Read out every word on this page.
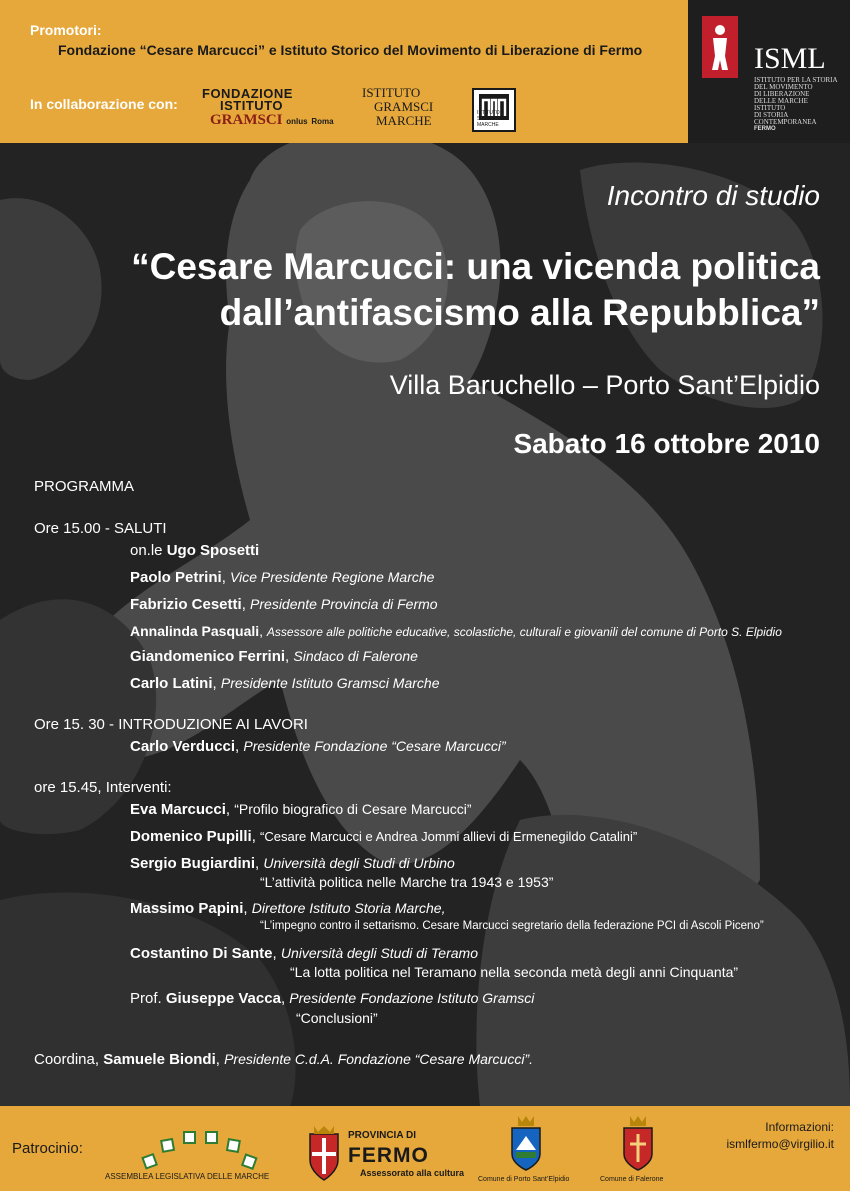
Promotori:
Fondazione “Cesare Marcucci” e Istituto Storico del Movimento di Liberazione di Fermo
In collaborazione con:
FONDAZIONE
ISTITUTO
GRAMSCI onlus Roma
ISTITUTO
GRAMSCI
MARCHE	ISTITUTO STORIA MARCHE
ISML
ISTITUTO PER LA STORIA
DEL MOVIMENTO
DI LIBERAZIONE
DELLE MARCHE
ISTITUTO
DI STORIA
CONTEMPORANEA
FERMO
Incontro di studio
“Cesare Marcucci: una vicenda politica
dall’antifascismo alla Repubblica”
Villa Baruchello – Porto Sant’Elpidio
Sabato 16 ottobre 2010
PROGRAMMA
Ore 15.00 - SALUTI
on.le Ugo Sposetti
Paolo Petrini, Vice Presidente Regione Marche
Fabrizio Cesetti, Presidente Provincia di Fermo
Annalinda Pasquali, Assessore alle politiche educative, scolastiche, culturali e giovanili del comune di Porto S. Elpidio
Giandomenico Ferrini, Sindaco di Falerone
Carlo Latini, Presidente Istituto Gramsci Marche
Ore 15. 30 - INTRODUZIONE AI LAVORI
Carlo Verducci, Presidente Fondazione “Cesare Marcucci”
ore 15.45, Interventi:
Eva Marcucci, “Profilo biografico di Cesare Marcucci”
Domenico Pupilli, “Cesare Marcucci e Andrea Jommi allievi di Ermenegildo Catalini”
Sergio Bugiardini, Università degli Studi di Urbino
“L’attività politica nelle Marche tra 1943 e 1953”
Massimo Papini, Direttore Istituto Storia Marche,
“L’impegno contro il settarismo. Cesare Marcucci segretario della federazione PCI di Ascoli Piceno”
Costantino Di Sante, Università degli Studi di Teramo
“La lotta politica nel Teramano nella seconda metà degli anni Cinquanta”
Prof. Giuseppe Vacca, Presidente Fondazione Istituto Gramsci
“Conclusioni”
Coordina, Samuele Biondi, Presidente C.d.A. Fondazione “Cesare Marcucci”.
Patrocinio:
ASSEMBLEA LEGISLATIVA DELLE MARCHE
PROVINCIA DI
FERMO
Assessorato alla cultura
Comune di Porto Sant’Elpidio	Comune di Falerone
Informazioni:
ismlfermo@virgilio.it
